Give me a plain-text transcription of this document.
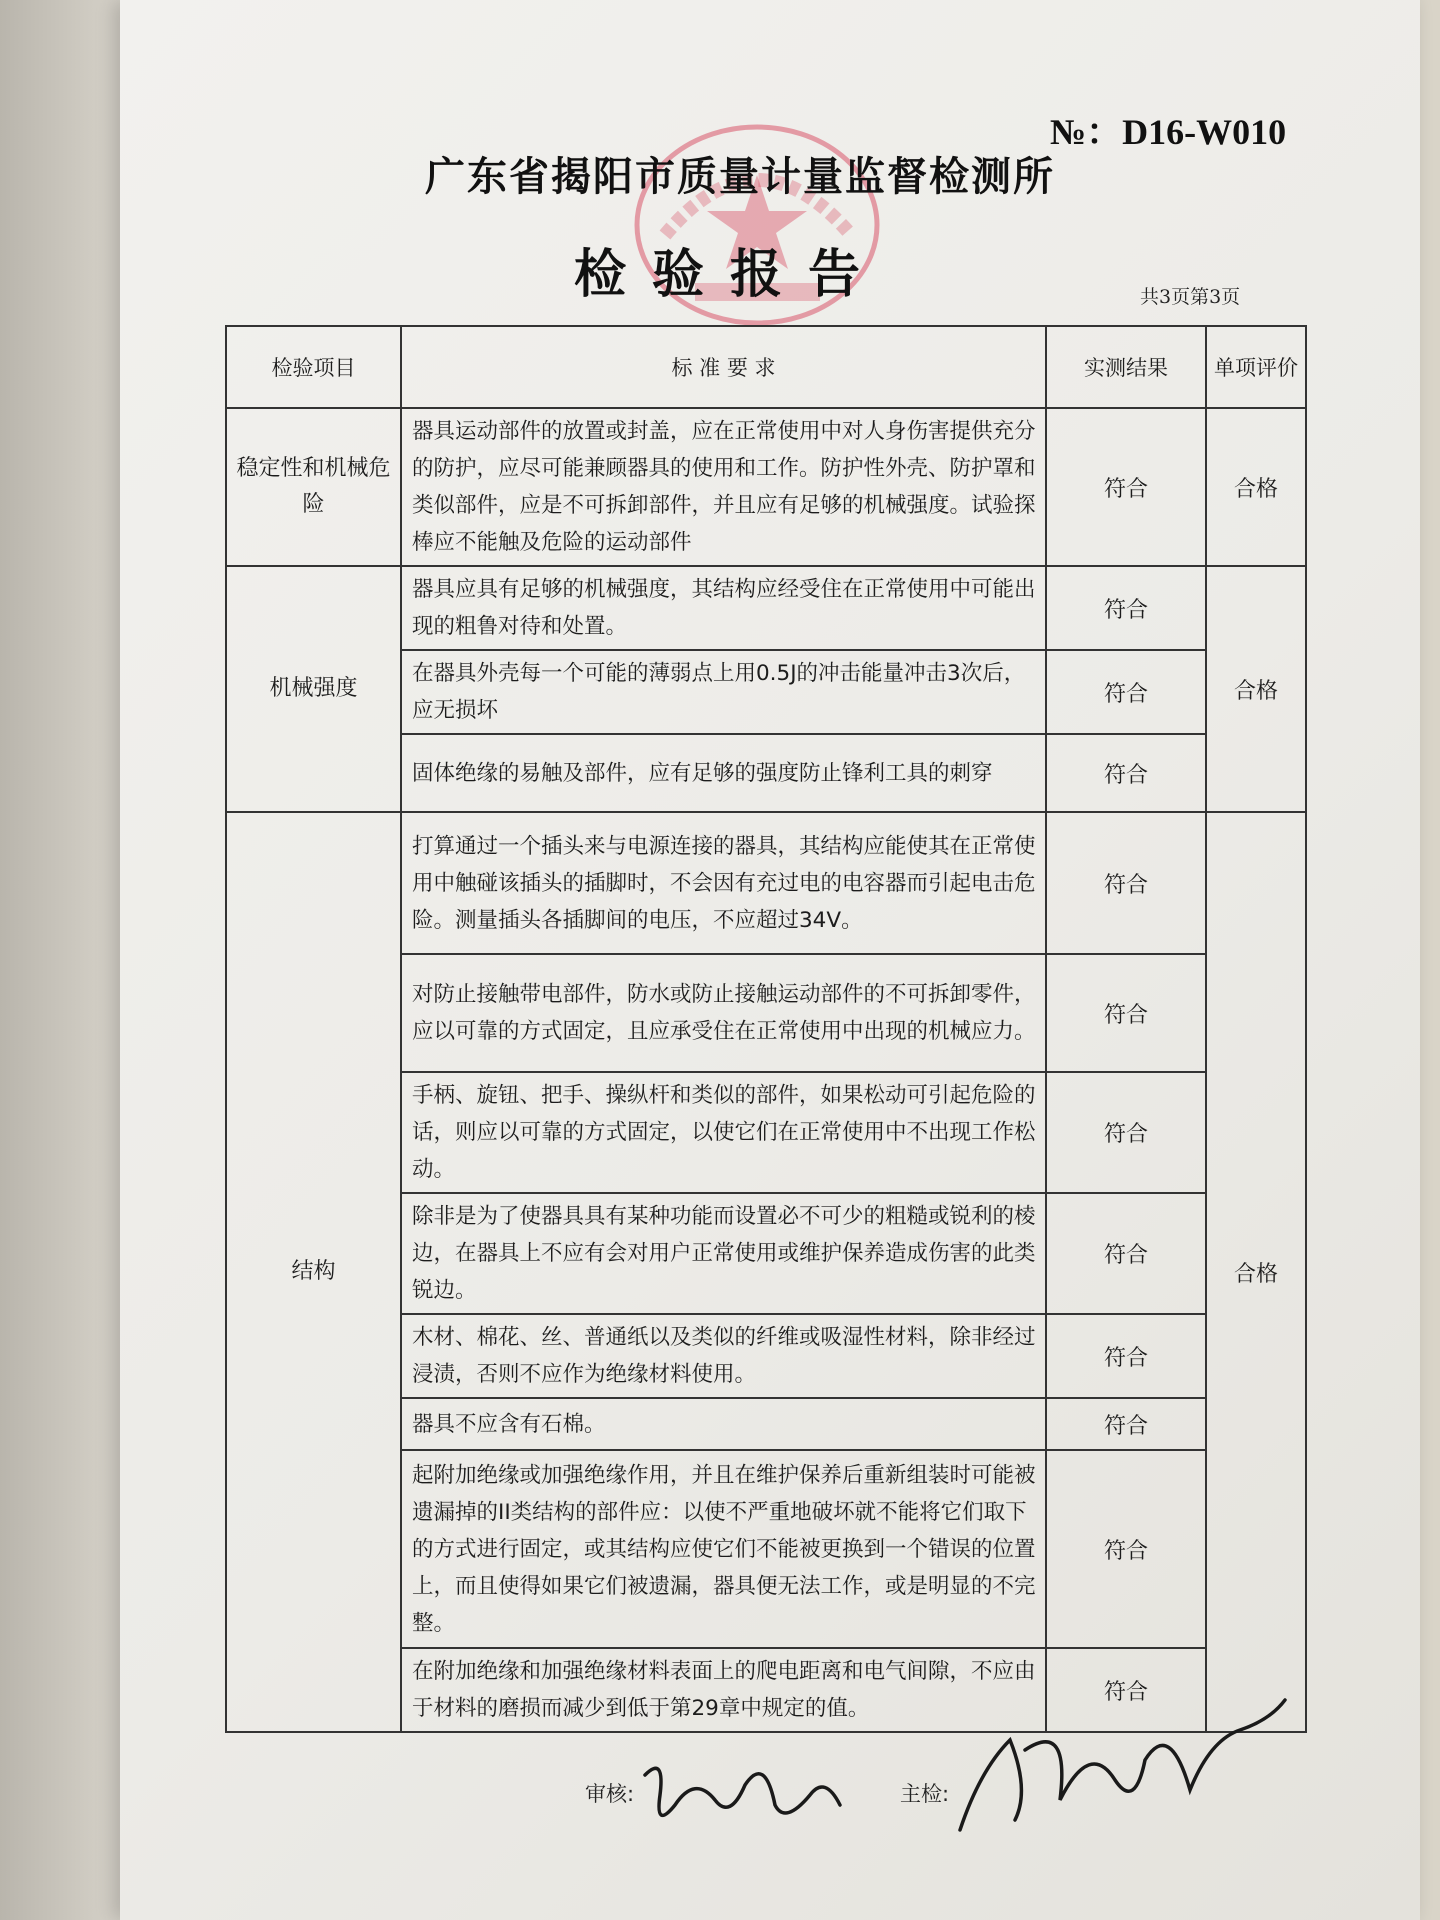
№：D16-W010
广东省揭阳市质量计量监督检测所
检验报告	共3页第3页
检验项目	标 准 要 求	实测结果	单项评价
稳定性和机械危险	器具运动部件的放置或封盖，应在正常使用中对人身伤害提供充分的防护，应尽可能兼顾器具的使用和工作。防护性外壳、防护罩和类似部件，应是不可拆卸部件，并且应有足够的机械强度。试验探棒应不能触及危险的运动部件	符合	合格
机械强度	器具应具有足够的机械强度，其结构应经受住在正常使用中可能出现的粗鲁对待和处置。	符合	合格
	在器具外壳每一个可能的薄弱点上用0.5J的冲击能量冲击3次后，应无损坏	符合	
	固体绝缘的易触及部件，应有足够的强度防止锋利工具的刺穿	符合	
结构	打算通过一个插头来与电源连接的器具，其结构应能使其在正常使用中触碰该插头的插脚时，不会因有充过电的电容器而引起电击危险。测量插头各插脚间的电压，不应超过34V。	符合	合格
	对防止接触带电部件，防水或防止接触运动部件的不可拆卸零件，应以可靠的方式固定，且应承受住在正常使用中出现的机械应力。	符合	
	手柄、旋钮、把手、操纵杆和类似的部件，如果松动可引起危险的话，则应以可靠的方式固定，以使它们在正常使用中不出现工作松动。	符合	
	除非是为了使器具具有某种功能而设置必不可少的粗糙或锐利的棱边，在器具上不应有会对用户正常使用或维护保养造成伤害的此类锐边。	符合	
	木材、棉花、丝、普通纸以及类似的纤维或吸湿性材料，除非经过浸渍，否则不应作为绝缘材料使用。	符合	
	器具不应含有石棉。	符合	
	起附加绝缘或加强绝缘作用，并且在维护保养后重新组装时可能被遗漏掉的II类结构的部件应：以使不严重地破坏就不能将它们取下的方式进行固定，或其结构应使它们不能被更换到一个错误的位置上，而且使得如果它们被遗漏，器具便无法工作，或是明显的不完整。	符合	
	在附加绝缘和加强绝缘材料表面上的爬电距离和电气间隙，不应由于材料的磨损而减少到低于第29章中规定的值。	符合	
审核:	主检:
